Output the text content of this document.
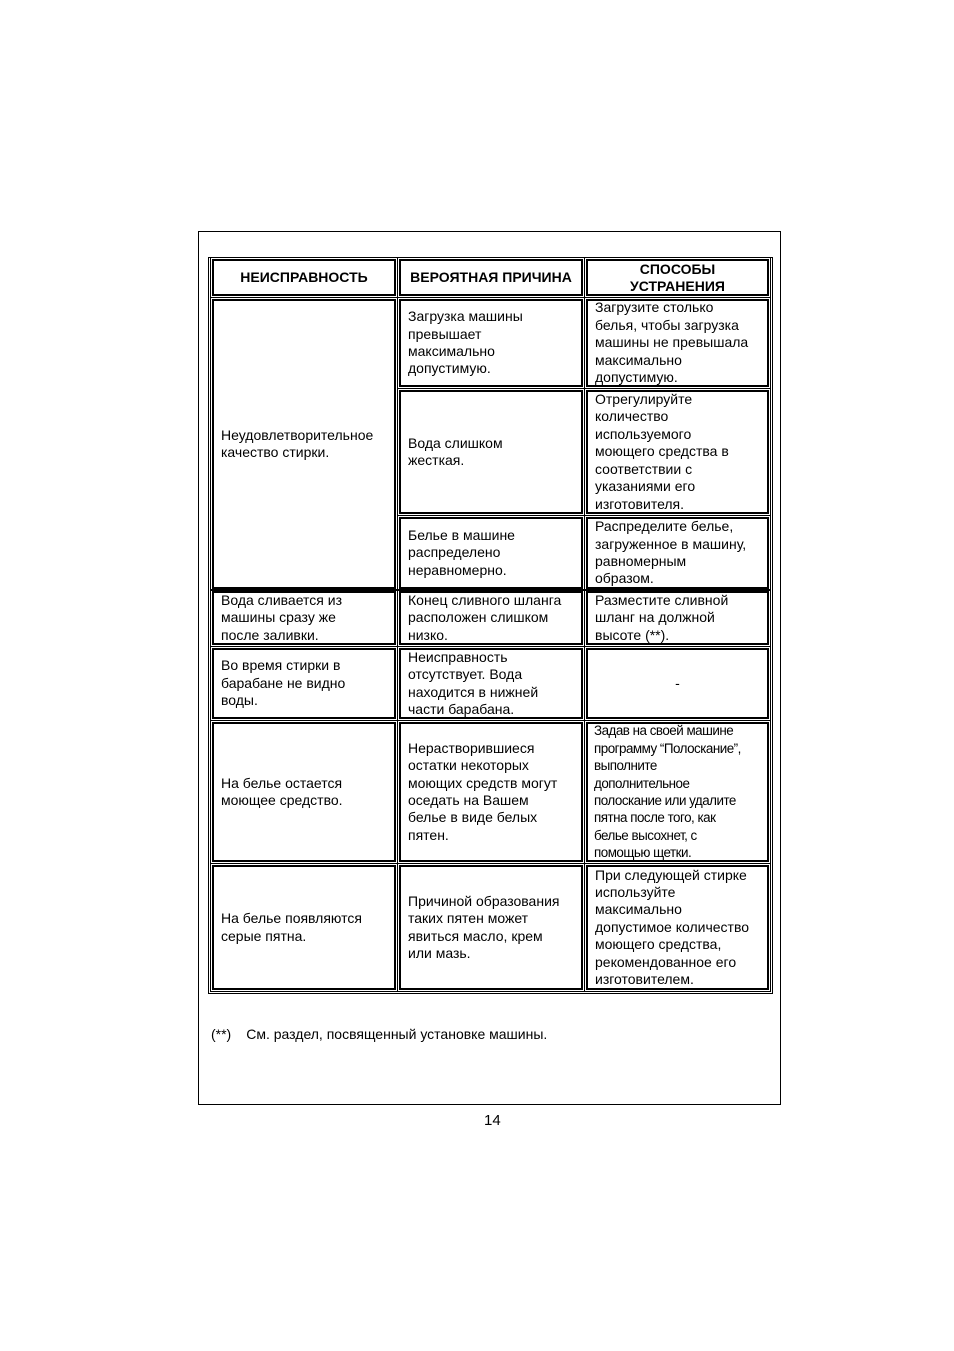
НЕИСПРАВНОСТЬ	ВЕРОЯТНАЯ ПРИЧИНА
СПОСОБЫ
УСТРАНЕНИЯ
Неудовлетворительное
качество стирки.
Загрузка машины
превышает
максимально
допустимую.
Загрузите столько
белья, чтобы загрузка
машины не превышала
максимально
допустимую.
Вода слишком
жесткая.
Отрегулируйте
количество
используемого
моющего средства в
соответствии с
указаниями его
изготовителя.
Белье в машине
распределено
неравномерно.
Распределите белье,
загруженное в машину,
равномерным
образом.
Вода сливается из
машины сразу же
после заливки.
Конец сливного шланга
расположен слишком
низко.
Разместите сливной
шланг на должной
высоте (**).
Во время стирки в
барабане не видно
воды.
Неисправность
отсутствует. Вода
находится в нижней
части барабана.
-
На белье остается
моющее средство.
Нерастворившиеся
остатки некоторых
моющих средств могут
оседать на Вашем
белье в виде белых
пятен.
Задав на своей машине
программу “Полоскание”,
выполните
дополнительное
полоскание или удалите
пятна после того, как
белье высохнет, с
помощью щетки.
На белье появляются
серые пятна.
Причиной образования
таких пятен может
явиться масло, крем
или мазь.
При следующей стирке
используйте
максимально
допустимое количество
моющего средства,
рекомендованное его
изготовителем.
(**) См. раздел, посвященный установке машины.
14
